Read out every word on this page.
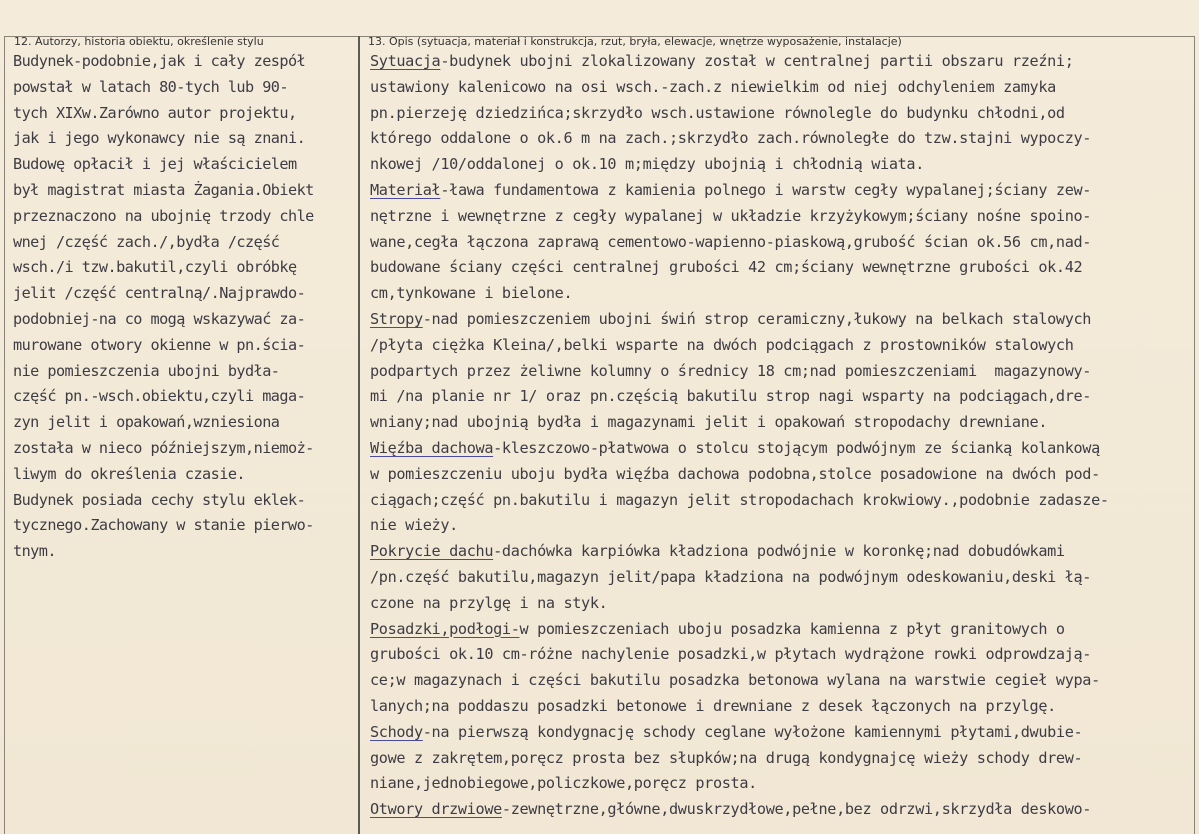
12. Autorzy, historia obiektu, określenie stylu	13. Opis (sytuacja, materiał i konstrukcja, rzut, bryła, elewacje, wnętrze wyposażenie, instalacje)
Budynek-podobnie,jak i cały zespół
powstał w latach 80-tych lub 90-
tych XIXw.Zarówno autor projektu,
jak i jego wykonawcy nie są znani.
Budowę opłacił i jej właścicielem
był magistrat miasta Żagania.Obiekt
przeznaczono na ubojnię trzody chle
wnej /część zach./,bydła /część
wsch./i tzw.bakutil,czyli obróbkę
jelit /część centralną/.Najprawdo-
podobniej-na co mogą wskazywać za-
murowane otwory okienne w pn.ścia-
nie pomieszczenia ubojni bydła-
część pn.-wsch.obiektu,czyli maga-
zyn jelit i opakowań,wzniesiona
została w nieco późniejszym,niemoż-
liwym do określenia czasie.
Budynek posiada cechy stylu eklek-
tycznego.Zachowany w stanie pierwo-
tnym.
Sytuacja-budynek ubojni zlokalizowany został w centralnej partii obszaru rzeźni;
ustawiony kalenicowo na osi wsch.-zach.z niewielkim od niej odchyleniem zamyka
pn.pierzeję dziedzińca;skrzydło wsch.ustawione równolegle do budynku chłodni,od
którego oddalone o ok.6 m na zach.;skrzydło zach.równoległe do tzw.stajni wypoczy-
nkowej /10/oddalonej o ok.10 m;między ubojnią i chłodnią wiata.
Materiał-ława fundamentowa z kamienia polnego i warstw cegły wypalanej;ściany zew-
nętrzne i wewnętrzne z cegły wypalanej w układzie krzyżykowym;ściany nośne spoino-
wane,cegła łączona zaprawą cementowo-wapienno-piaskową,grubość ścian ok.56 cm,nad-
budowane ściany części centralnej grubości 42 cm;ściany wewnętrzne grubości ok.42
cm,tynkowane i bielone.
Stropy-nad pomieszczeniem ubojni świń strop ceramiczny,łukowy na belkach stalowych
/płyta ciężka Kleina/,belki wsparte na dwóch podciągach z prostowników stalowych
podpartych przez żeliwne kolumny o średnicy 18 cm;nad pomieszczeniami  magazynowy-
mi /na planie nr 1/ oraz pn.częścią bakutilu strop nagi wsparty na podciągach,dre-
wniany;nad ubojnią bydła i magazynami jelit i opakowań stropodachy drewniane.
Więźba dachowa-kleszczowo-płatwowa o stolcu stojącym podwójnym ze ścianką kolankową
w pomieszczeniu uboju bydła więźba dachowa podobna,stolce posadowione na dwóch pod-
ciągach;część pn.bakutilu i magazyn jelit stropodachach krokwiowy.,podobnie zadasze-
nie wieży.
Pokrycie dachu-dachówka karpiówka kładziona podwójnie w koronkę;nad dobudówkami
/pn.część bakutilu,magazyn jelit/papa kładziona na podwójnym odeskowaniu,deski łą-
czone na przylgę i na styk.
Posadzki,podłogi-w pomieszczeniach uboju posadzka kamienna z płyt granitowych o
grubości ok.10 cm-różne nachylenie posadzki,w płytach wydrążone rowki odprowdzają-
ce;w magazynach i części bakutilu posadzka betonowa wylana na warstwie cegieł wypa-
lanych;na poddaszu posadzki betonowe i drewniane z desek łączonych na przylgę.
Schody-na pierwszą kondygnację schody ceglane wyłożone kamiennymi płytami,dwubie-
gowe z zakrętem,poręcz prosta bez słupków;na drugą kondygnajcę wieży schody drew-
niane,jednobiegowe,policzkowe,poręcz prosta.
Otwory drzwiowe-zewnętrzne,główne,dwuskrzydłowe,pełne,bez odrzwi,skrzydła deskowo-
